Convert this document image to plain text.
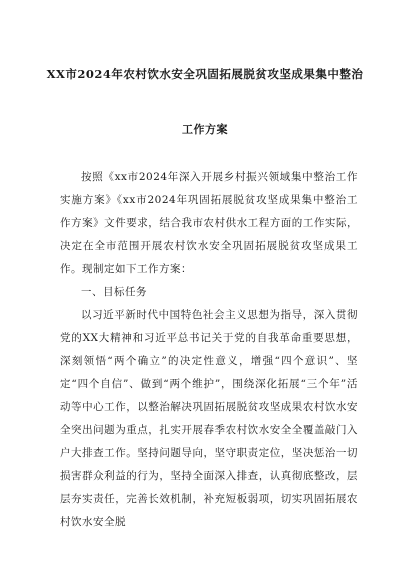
XX市2024年农村饮水安全巩固拓展脱贫攻坚成果集中整治
工作方案

按照《xx市2024年深入开展乡村振兴领域集中整治工作实施方案》《xx市2024年巩固拓展脱贫攻坚成果集中整治工作方案》文件要求，结合我市农村供水工程方面的工作实际，决定在全市范围开展农村饮水安全巩固拓展脱贫攻坚成果工作。现制定如下工作方案：

一、目标任务

以习近平新时代中国特色社会主义思想为指导，深入贯彻党的XX大精神和习近平总书记关于党的自我革命重要思想，深刻领悟“两个确立”的决定性意义，增强“四个意识”、坚定“四个自信”、做到“两个维护”，围绕深化拓展“三个年”活动等中心工作，以整治解决巩固拓展脱贫攻坚成果农村饮水安全突出问题为重点，扎实开展春季农村饮水安全全覆盖敲门入户大排查工作。坚持问题导向，坚守职责定位，坚决惩治一切损害群众利益的行为，坚持全面深入排查，认真彻底整改，层层夯实责任，完善长效机制，补充短板弱项，切实巩固拓展农村饮水安全脱
